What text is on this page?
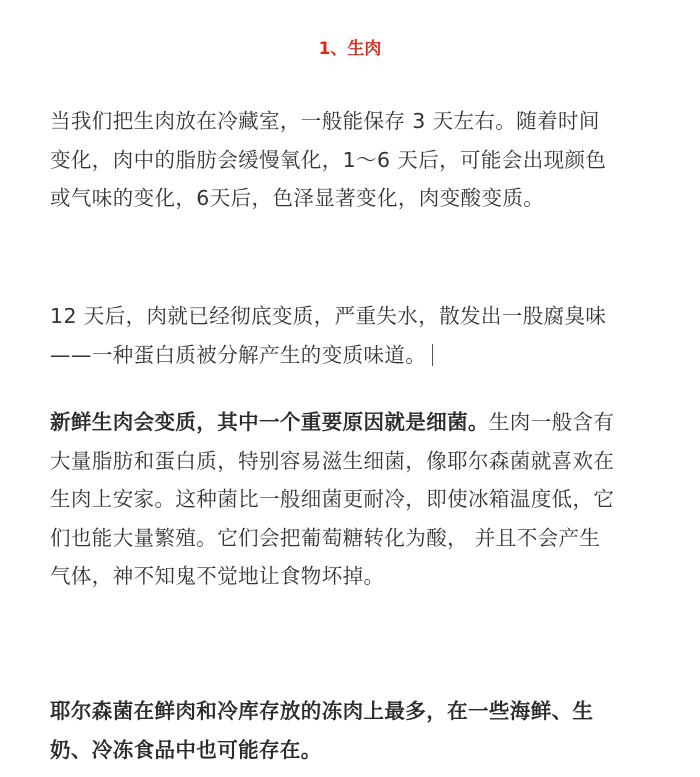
1、生肉

当我们把生肉放在冷藏室，一般能保存 3 天左右。随着时间变化，肉中的脂肪会缓慢氧化，1～6 天后，可能会出现颜色或气味的变化，6天后，色泽显著变化，肉变酸变质。

12 天后，肉就已经彻底变质，严重失水，散发出一股腐臭味——一种蛋白质被分解产生的变质味道。

新鲜生肉会变质，其中一个重要原因就是细菌。生肉一般含有大量脂肪和蛋白质，特别容易滋生细菌，像耶尔森菌就喜欢在生肉上安家。这种菌比一般细菌更耐冷，即使冰箱温度低，它们也能大量繁殖。它们会把葡萄糖转化为酸， 并且不会产生气体，神不知鬼不觉地让食物坏掉。

耶尔森菌在鲜肉和冷库存放的冻肉上最多，在一些海鲜、生奶、冷冻食品中也可能存在。
